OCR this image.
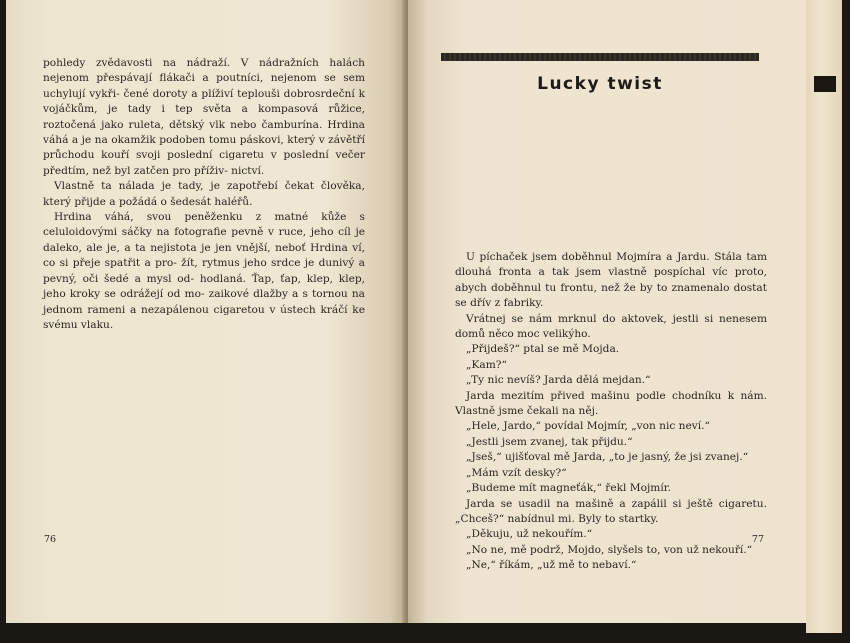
pohledy zvědavosti na nádraží. V nádražních halách nejenom přespávají flákači a poutníci, nejenom se sem uchylují vykři- čené doroty a plíživí teplouši dobrosrdeční k vojáčkům, je tady i tep světa a kompasová růžice, roztočená jako ruleta, dětský vlk nebo čamburína. Hrdina váhá a je na okamžik podoben tomu páskovi, který v závětří průchodu kouří svoji poslední cigaretu v poslední večer předtím, než byl zatčen pro příživ- nictví.

Vlastně ta nálada je tady, je zapotřebí čekat člověka, který přijde a požádá o šedesát haléřů.

Hrdina váhá, svou peněženku z matné kůže s celuloidovými sáčky na fotografie pevně v ruce, jeho cíl je daleko, ale je, a ta nejistota je jen vnější, neboť Hrdina ví, co si přeje spatřit a pro- žít, rytmus jeho srdce je dunivý a pevný, oči šedé a mysl od- hodlaná. Ťap, ťap, klep, klep, jeho kroky se odrážejí od mo- zaikové dlažby a s tornou na jednom rameni a nezapálenou cigaretou v ústech kráčí ke svému vlaku.

76
Lucky twist

U píchaček jsem doběhnul Mojmíra a Jardu. Stála tam dlouhá fronta a tak jsem vlastně pospíchal víc proto, abych doběhnul tu frontu, než že by to znamenalo dostat se dřív z fabriky.

Vrátnej se nám mrknul do aktovek, jestli si nenesem domů něco moc velikýho.

„Přijdeš?“ ptal se mě Mojda.

„Kam?“

„Ty nic nevíš? Jarda dělá mejdan.“

Jarda mezitím přived mašinu podle chodníku k nám. Vlastně jsme čekali na něj.

„Hele, Jardo,“ povídal Mojmír, „von nic neví.“

„Jestli jsem zvanej, tak přijdu.“

„Jseš,“ ujišťoval mě Jarda, „to je jasný, že jsi zvanej.“

„Mám vzít desky?“

„Budeme mít magneťák,“ řekl Mojmír.

Jarda se usadil na mašině a zapálil si ještě cigaretu. „Chceš?“ nabídnul mi. Byly to startky.

„Děkuju, už nekouřím.“

„No ne, mě podrž, Mojdo, slyšels to, von už nekouří.“

„Ne,“ říkám, „už mě to nebaví.“

77
